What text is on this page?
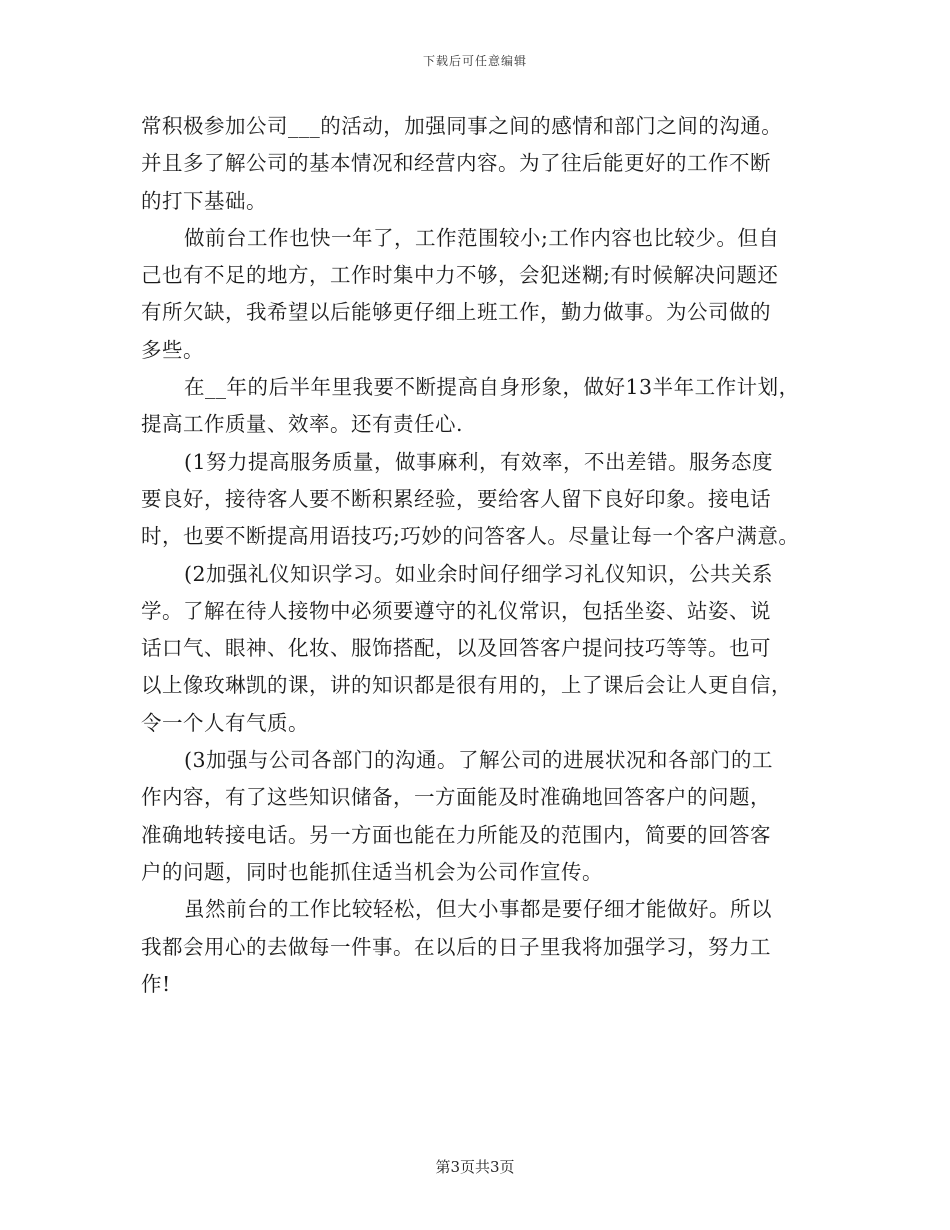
下载后可任意编辑
常积极参加公司___的活动，加强同事之间的感情和部门之间的沟通。
并且多了解公司的基本情况和经营内容。为了往后能更好的工作不断
的打下基础。
做前台工作也快一年了，工作范围较小;工作内容也比较少。但自
己也有不足的地方，工作时集中力不够，会犯迷糊;有时候解决问题还
有所欠缺，我希望以后能够更仔细上班工作，勤力做事。为公司做的
多些。
在__年的后半年里我要不断提高自身形象，做好13半年工作计划，
提高工作质量、效率。还有责任心.
(1努力提高服务质量，做事麻利，有效率，不出差错。服务态度
要良好，接待客人要不断积累经验，要给客人留下良好印象。接电话
时，也要不断提高用语技巧;巧妙的问答客人。尽量让每一个客户满意。
(2加强礼仪知识学习。如业余时间仔细学习礼仪知识，公共关系
学。了解在待人接物中必须要遵守的礼仪常识，包括坐姿、站姿、说
话口气、眼神、化妆、服饰搭配，以及回答客户提问技巧等等。也可
以上像玫琳凯的课，讲的知识都是很有用的，上了课后会让人更自信，
令一个人有气质。
(3加强与公司各部门的沟通。了解公司的进展状况和各部门的工
作内容，有了这些知识储备，一方面能及时准确地回答客户的问题，
准确地转接电话。另一方面也能在力所能及的范围内，简要的回答客
户的问题，同时也能抓住适当机会为公司作宣传。
虽然前台的工作比较轻松，但大小事都是要仔细才能做好。所以
我都会用心的去做每一件事。在以后的日子里我将加强学习，努力工
作!
第3页共3页
